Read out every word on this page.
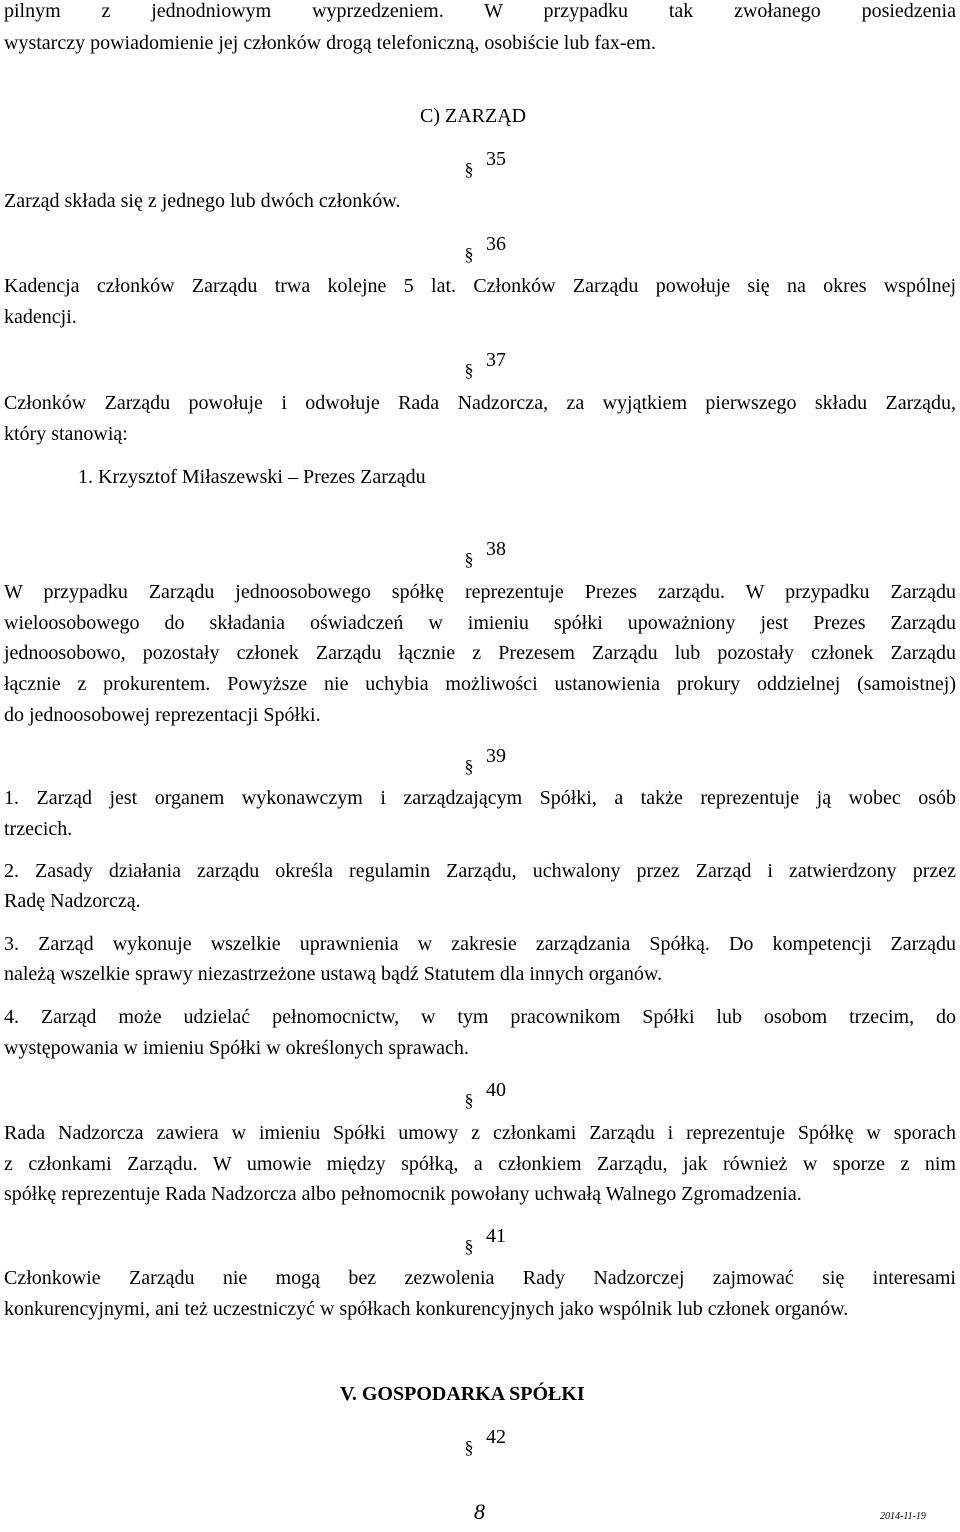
pilnym z jednodniowym wyprzedzeniem. W przypadku tak zwołanego posiedzenia
wystarczy powiadomienie jej członków drogą telefoniczną, osobiście lub fax-em.
C) ZARZĄD
§ 35
Zarząd składa się z jednego lub dwóch członków.
§ 36
Kadencja członków Zarządu trwa kolejne 5 lat. Członków Zarządu powołuje się na okres wspólnej
kadencji.
§ 37
Członków Zarządu powołuje i odwołuje Rada Nadzorcza, za wyjątkiem pierwszego składu Zarządu,
który stanowią:
1. Krzysztof Miłaszewski – Prezes Zarządu
§ 38
W przypadku Zarządu jednoosobowego spółkę reprezentuje Prezes zarządu. W przypadku Zarządu
wieloosobowego do składania oświadczeń w imieniu spółki upoważniony jest Prezes Zarządu
jednoosobowo, pozostały członek Zarządu łącznie z Prezesem Zarządu lub pozostały członek Zarządu
łącznie z prokurentem. Powyższe nie uchybia możliwości ustanowienia prokury oddzielnej (samoistnej)
do jednoosobowej reprezentacji Spółki.
§ 39
1. Zarząd jest organem wykonawczym i zarządzającym Spółki, a także reprezentuje ją wobec osób
trzecich.
2. Zasady działania zarządu określa regulamin Zarządu, uchwalony przez Zarząd i zatwierdzony przez
Radę Nadzorczą.
3. Zarząd wykonuje wszelkie uprawnienia w zakresie zarządzania Spółką. Do kompetencji Zarządu
należą wszelkie sprawy niezastrzeżone ustawą bądź Statutem dla innych organów.
4. Zarząd może udzielać pełnomocnictw, w tym pracownikom Spółki lub osobom trzecim, do
występowania w imieniu Spółki w określonych sprawach.
§ 40
Rada Nadzorcza zawiera w imieniu Spółki umowy z członkami Zarządu i reprezentuje Spółkę w sporach
z członkami Zarządu. W umowie między spółką, a członkiem Zarządu, jak również w sporze z nim
spółkę reprezentuje Rada Nadzorcza albo pełnomocnik powołany uchwałą Walnego Zgromadzenia.
§ 41
Członkowie Zarządu nie mogą bez zezwolenia Rady Nadzorczej zajmować się interesami
konkurencyjnymi, ani też uczestniczyć w spółkach konkurencyjnych jako wspólnik lub członek organów.
V. GOSPODARKA SPÓŁKI
§ 42
8	2014-11-19
